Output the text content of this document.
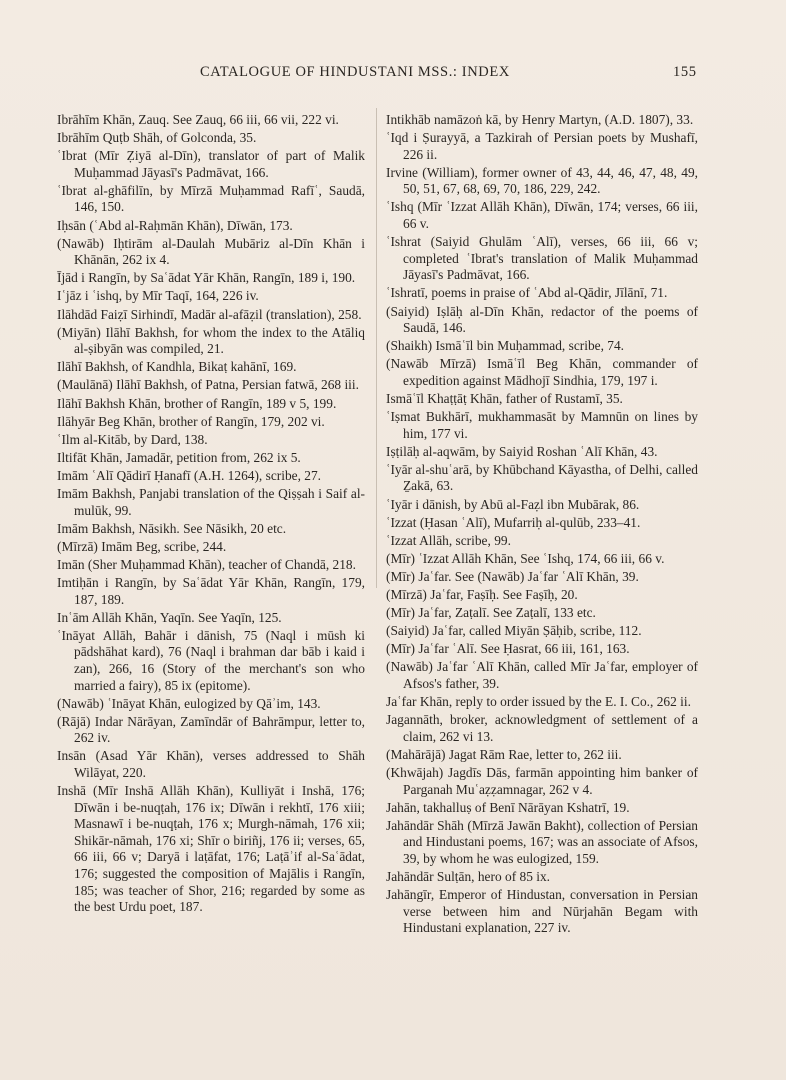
CATALOGUE OF HINDUSTANI MSS.: INDEX	155

Ibrāhīm Khān, Zauq. See Zauq, 66 iii, 66 vii, 222 vi.

Ibrāhīm Quṭb Shāh, of Golconda, 35.

ʿIbrat (Mīr Ẓiyā al-Dīn), translator of part of Malik Muḥammad Jāyasī's Padmāvat, 166.

ʿIbrat al-ghāfilīn, by Mīrzā Muḥammad Rafīʿ, Saudā, 146, 150.

Iḥsān (ʿAbd al-Raḥmān Khān), Dīwān, 173.

(Nawāb) Iḥtirām al-Daulah Mubāriz al-Dīn Khān i Khānān, 262 ix 4.

Ījād i Rangīn, by Saʿādat Yār Khān, Rangīn, 189 i, 190.

Iʿjāz i ʿishq, by Mīr Taqī, 164, 226 iv.

Ilāhdād Faiẓī Sirhindī, Madār al-afāẓil (translation), 258.

(Miyān) Ilāhī Bakhsh, for whom the index to the Atāliq al-ṣibyān was compiled, 21.

Ilāhī Bakhsh, of Kandhla, Bikaṭ kahānī, 169.

(Maulānā) Ilāhī Bakhsh, of Patna, Persian fatwā, 268 iii.

Ilāhī Bakhsh Khān, brother of Rangīn, 189 v 5, 199.

Ilāhyār Beg Khān, brother of Rangīn, 179, 202 vi.

ʿIlm al-Kitāb, by Dard, 138.

Iltifāt Khān, Jamadār, petition from, 262 ix 5.

Imām ʿAlī Qādirī Ḥanafī (A.H. 1264), scribe, 27.

Imām Bakhsh, Panjabi translation of the Qiṣṣah i Saif al-mulūk, 99.

Imām Bakhsh, Nāsikh. See Nāsikh, 20 etc.

(Mīrzā) Imām Beg, scribe, 244.

Imān (Sher Muḥammad Khān), teacher of Chandā, 218.

Imtiḥān i Rangīn, by Saʿādat Yār Khān, Rangīn, 179, 187, 189.

Inʿām Allāh Khān, Yaqīn. See Yaqīn, 125.

ʿInāyat Allāh, Bahār i dānish, 75 (Naql i mūsh ki pādshāhat kard), 76 (Naql i brahman dar bāb i kaid i zan), 266, 16 (Story of the merchant's son who married a fairy), 85 ix (epitome).

(Nawāb) ʿInāyat Khān, eulogized by Qāʾim, 143.

(Rājā) Indar Nārāyan, Zamīndār of Bahrāmpur, letter to, 262 iv.

Insān (Asad Yār Khān), verses addressed to Shāh Wilāyat, 220.

Inshā (Mīr Inshā Allāh Khān), Kulliyāt i Inshā, 176; Dīwān i be-nuqṭah, 176 ix; Dīwān i rekhtī, 176 xiii; Masnawī i be-nuqṭah, 176 x; Murgh-nāmah, 176 xii; Shikār-nāmah, 176 xi; Shīr o biriñj, 176 ii; verses, 65, 66 iii, 66 v; Daryā i laṭāfat, 176; Laṭāʾif al-Saʿādat, 176; suggested the composition of Majālis i Rangīn, 185; was teacher of Shor, 216; regarded by some as the best Urdu poet, 187.

Intikhāb namāzoṅ kā, by Henry Martyn, (A.D. 1807), 33.

ʿIqd i Ṣurayyā, a Tazkirah of Persian poets by Mushafī, 226 ii.

Irvine (William), former owner of 43, 44, 46, 47, 48, 49, 50, 51, 67, 68, 69, 70, 186, 229, 242.

ʿIshq (Mīr ʿIzzat Allāh Khān), Dīwān, 174; verses, 66 iii, 66 v.

ʿIshrat (Saiyid Ghulām ʿAlī), verses, 66 iii, 66 v; completed ʿIbrat's translation of Malik Muḥammad Jāyasī's Padmāvat, 166.

ʿIshratī, poems in praise of ʿAbd al-Qādir, Jīlānī, 71.

(Saiyid) Iṣlāḥ al-Dīn Khān, redactor of the poems of Saudā, 146.

(Shaikh) Ismāʿīl bin Muḥammad, scribe, 74.

(Nawāb Mīrzā) Ismāʿīl Beg Khān, commander of expedition against Mādhojī Sindhia, 179, 197 i.

Ismāʿīl Khaṭṭāṭ Khān, father of Rustamī, 35.

ʿIṣmat Bukhārī, mukhammasāt by Mamnūn on lines by him, 177 vi.

Iṣṭilāḥ al-aqwām, by Saiyid Roshan ʿAlī Khān, 43.

ʿIyār al-shuʿarā, by Khūbchand Kāyastha, of Delhi, called Ẕakā, 63.

ʿIyār i dānish, by Abū al-Faẓl ibn Mubārak, 86.

ʿIzzat (Ḥasan ʿAlī), Mufarriḥ al-qulūb, 233–41.

ʿIzzat Allāh, scribe, 99.

(Mīr) ʿIzzat Allāh Khān, See ʿIshq, 174, 66 iii, 66 v.

(Mīr) Jaʿfar. See (Nawāb) Jaʿfar ʿAlī Khān, 39.

(Mīrzā) Jaʿfar, Faṣīḥ. See Faṣīḥ, 20.

(Mīr) Jaʿfar, Zaṭalī. See Zaṭalī, 133 etc.

(Saiyid) Jaʿfar, called Miyān Ṣāḥib, scribe, 112.

(Mīr) Jaʿfar ʿAlī. See Ḥasrat, 66 iii, 161, 163.

(Nawāb) Jaʿfar ʿAlī Khān, called Mīr Jaʿfar, employer of Afsos's father, 39.

Jaʿfar Khān, reply to order issued by the E. I. Co., 262 ii.

Jagannāth, broker, acknowledgment of settlement of a claim, 262 vi 13.

(Mahārājā) Jagat Rām Rae, letter to, 262 iii.

(Khwājah) Jagdīs Dās, farmān appointing him banker of Parganah Muʿaẓẓamnagar, 262 v 4.

Jahān, takhalluṣ of Benī Nārāyan Kshatrī, 19.

Jahāndār Shāh (Mīrzā Jawān Bakht), collection of Persian and Hindustani poems, 167; was an associate of Afsos, 39, by whom he was eulogized, 159.

Jahāndār Sulṭān, hero of 85 ix.

Jahāngīr, Emperor of Hindustan, conversation in Persian verse between him and Nūrjahān Begam with Hindustani explanation, 227 iv.
